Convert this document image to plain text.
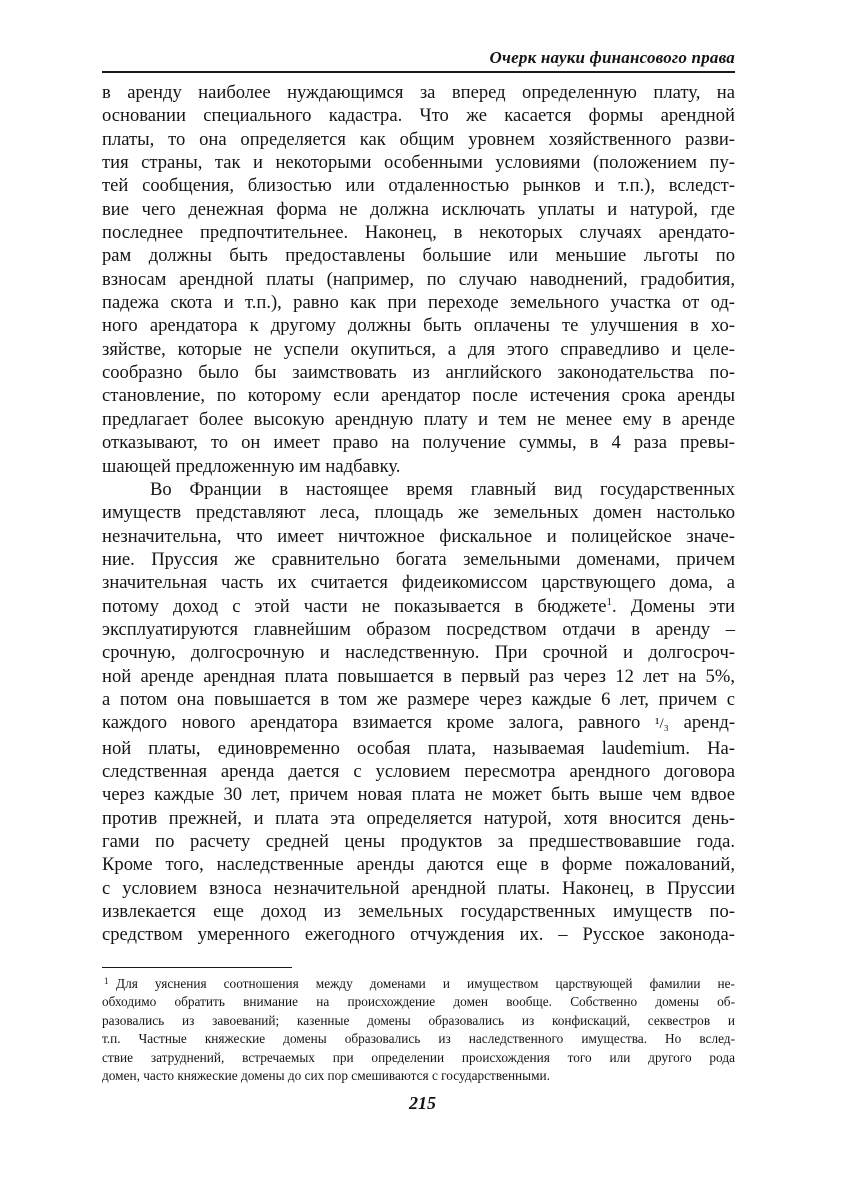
Очерк науки финансового права
в аренду наиболее нуждающимся за вперед определенную плату, на
основании специального кадастра. Что же касается формы арендной
платы, то она определяется как общим уровнем хозяйственного разви-
тия страны, так и некоторыми особенными условиями (положением пу-
тей сообщения, близостью или отдаленностью рынков и т.п.), вследст-
вие чего денежная форма не должна исключать уплаты и натурой, где
последнее предпочтительнее. Наконец, в некоторых случаях арендато-
рам должны быть предоставлены большие или меньшие льготы по
взносам арендной платы (например, по случаю наводнений, градобития,
падежа скота и т.п.), равно как при переходе земельного участка от од-
ного арендатора к другому должны быть оплачены те улучшения в хо-
зяйстве, которые не успели окупиться, а для этого справедливо и целе-
сообразно было бы заимствовать из английского законодательства по-
становление, по которому если арендатор после истечения срока аренды
предлагает более высокую арендную плату и тем не менее ему в аренде
отказывают, то он имеет право на получение суммы, в 4 раза превы-
шающей предложенную им надбавку.
Во Франции в настоящее время главный вид государственных
имуществ представляют леса, площадь же земельных домен настолько
незначительна, что имеет ничтожное фискальное и полицейское значе-
ние. Пруссия же сравнительно богата земельными доменами, причем
значительная часть их считается фидеикомиссом царствующего дома, а
потому доход с этой части не показывается в бюджете$^1$. Домены эти
эксплуатируются главнейшим образом посредством отдачи в аренду –
срочную, долгосрочную и наследственную. При срочной и долгосроч-
ной аренде арендная плата повышается в первый раз через 12 лет на 5%,
а потом она повышается в том же размере через каждые 6 лет, причем с
каждого нового арендатора взимается кроме залога, равного ¹/₃ аренд-
ной платы, единовременно особая плата, называемая laudemium. На-
следственная аренда дается с условием пересмотра арендного договора
через каждые 30 лет, причем новая плата не может быть выше чем вдвое
против прежней, и плата эта определяется натурой, хотя вносится день-
гами по расчету средней цены продуктов за предшествовавшие года.
Кроме того, наследственные аренды даются еще в форме пожалований,
с условием взноса незначительной арендной платы. Наконец, в Пруссии
извлекается еще доход из земельных государственных имуществ по-
средством умеренного ежегодного отчуждения их. – Русское законода-
1 Для уяснения соотношения между доменами и имуществом царствующей фамилии не-
обходимо обратить внимание на происхождение домен вообще. Собственно домены об-
разовались из завоеваний; казенные домены образовались из конфискаций, секвестров и
т.п. Частные княжеские домены образовались из наследственного имущества. Но вслед-
ствие затруднений, встречаемых при определении происхождения того или другого рода
домен, часто княжеские домены до сих пор смешиваются с государственными.
215
